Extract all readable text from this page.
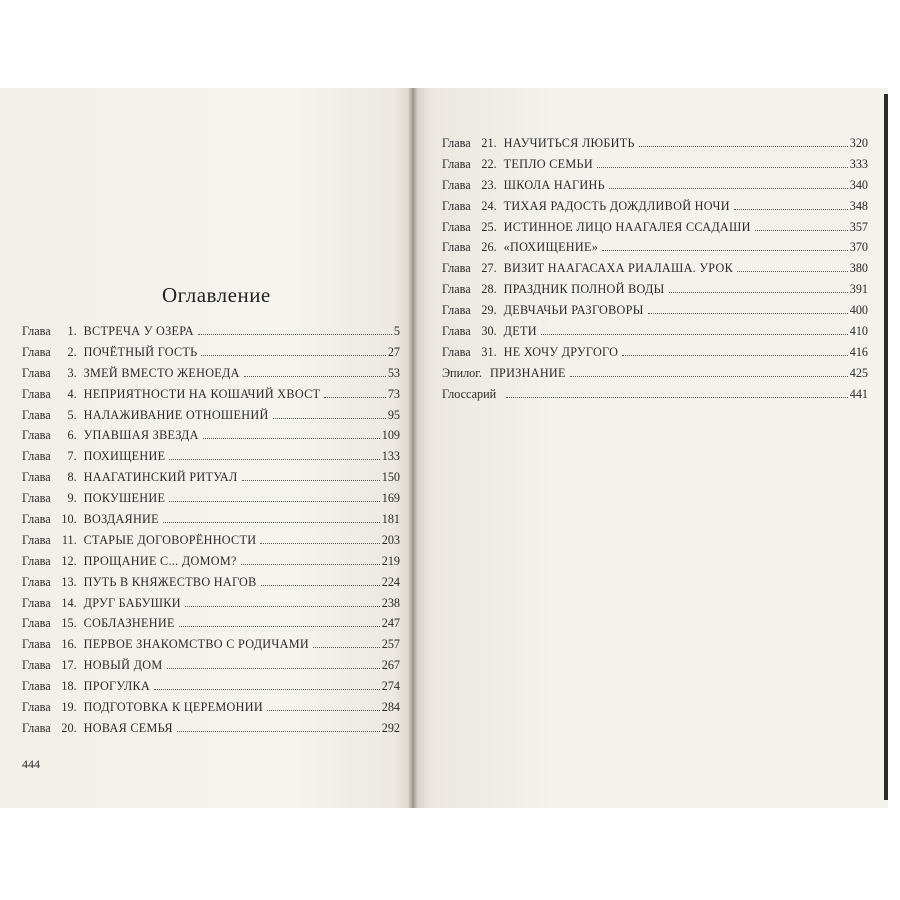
Оглавление
Глава	1. ВСТРЕЧА У ОЗЕРА	5
Глава	2. ПОЧЁТНЫЙ ГОСТЬ	27
Глава	3. ЗМЕЙ ВМЕСТО ЖЕНОЕДА	53
Глава	4. НЕПРИЯТНОСТИ НА КОШАЧИЙ ХВОСТ	73
Глава	5. НАЛАЖИВАНИЕ ОТНОШЕНИЙ	95
Глава	6. УПАВШАЯ ЗВЕЗДА	109
Глава	7. ПОХИЩЕНИЕ	133
Глава	8. НААГАТИНСКИЙ РИТУАЛ	150
Глава	9. ПОКУШЕНИЕ	169
Глава 10. ВОЗДАЯНИЕ	181
Глава 11. СТАРЫЕ ДОГОВОРЁННОСТИ	203
Глава 12. ПРОЩАНИЕ С... ДОМОМ?	219
Глава 13. ПУТЬ В КНЯЖЕСТВО НАГОВ	224
Глава 14. ДРУГ БАБУШКИ	238
Глава 15. СОБЛАЗНЕНИЕ	247
Глава 16. ПЕРВОЕ ЗНАКОМСТВО С РОДИЧАМИ	257
Глава 17. НОВЫЙ ДОМ	267
Глава 18. ПРОГУЛКА	274
Глава 19. ПОДГОТОВКА К ЦЕРЕМОНИИ	284
Глава 20. НОВАЯ СЕМЬЯ	292

444

Глава 21. НАУЧИТЬСЯ ЛЮБИТЬ	320
Глава 22. ТЕПЛО СЕМЬИ	333
Глава 23. ШКОЛА НАГИНЬ	340
Глава 24. ТИХАЯ РАДОСТЬ ДОЖДЛИВОЙ НОЧИ	348
Глава 25. ИСТИННОЕ ЛИЦО НААГАЛЕЯ ССАДАШИ	357
Глава 26. «ПОХИЩЕНИЕ»	370
Глава 27. ВИЗИТ НААГАСАХА РИАЛАША. УРОК	380
Глава 28. ПРАЗДНИК ПОЛНОЙ ВОДЫ	391
Глава 29. ДЕВЧАЧЬИ РАЗГОВОРЫ	400
Глава 30. ДЕТИ	410
Глава 31. НЕ ХОЧУ ДРУГОГО	416
Эпилог. ПРИЗНАНИЕ	425
Глоссарий	441
